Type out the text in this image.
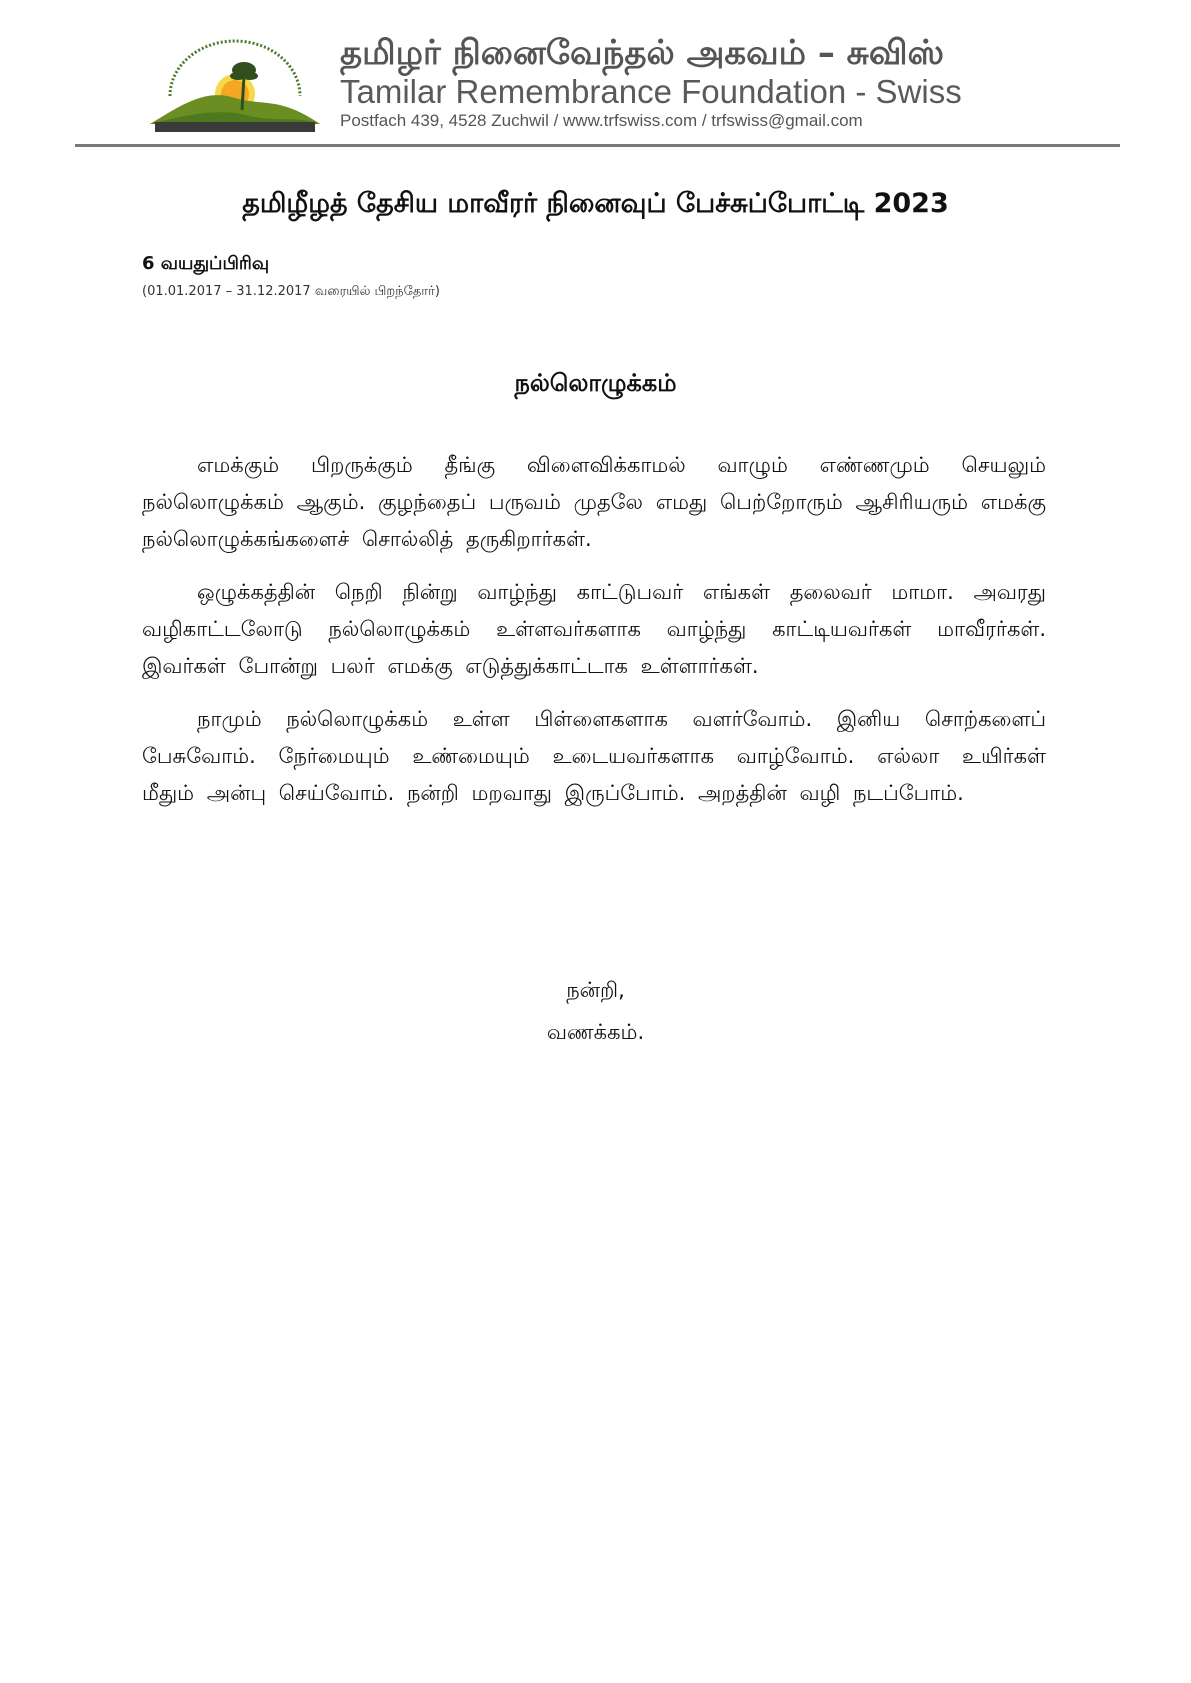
தமிழர் நினைவேந்தல் அகவம் – சுவிஸ்
Tamilar Remembrance Foundation - Swiss
Postfach 439, 4528 Zuchwil / www.trfswiss.com / trfswiss@gmail.com
தமிழீழத் தேசிய மாவீரர் நினைவுப் பேச்சுப்போட்டி 2023
6 வயதுப்பிரிவு
(01.01.2017 – 31.12.2017 வரையில் பிறந்தோர்)
நல்லொழுக்கம்

எமக்கும் பிறருக்கும் தீங்கு விளைவிக்காமல் வாழும் எண்ணமும் செயலும் நல்லொழுக்கம் ஆகும். குழந்தைப் பருவம் முதலே எமது பெற்றோரும் ஆசிரியரும் எமக்கு நல்லொழுக்கங்களைச் சொல்லித் தருகிறார்கள்.

ஒழுக்கத்தின் நெறி நின்று வாழ்ந்து காட்டுபவர் எங்கள் தலைவர் மாமா. அவரது வழிகாட்டலோடு நல்லொழுக்கம் உள்ளவர்களாக வாழ்ந்து காட்டியவர்கள் மாவீரர்கள். இவர்கள் போன்று பலர் எமக்கு எடுத்துக்காட்டாக உள்ளார்கள்.

நாமும் நல்லொழுக்கம் உள்ள பிள்ளைகளாக வளர்வோம். இனிய சொற்களைப் பேசுவோம். நேர்மையும் உண்மையும் உடையவர்களாக வாழ்வோம். எல்லா உயிர்கள் மீதும் அன்பு செய்வோம். நன்றி மறவாது இருப்போம். அறத்தின் வழி நடப்போம்.

நன்றி,
வணக்கம்.
